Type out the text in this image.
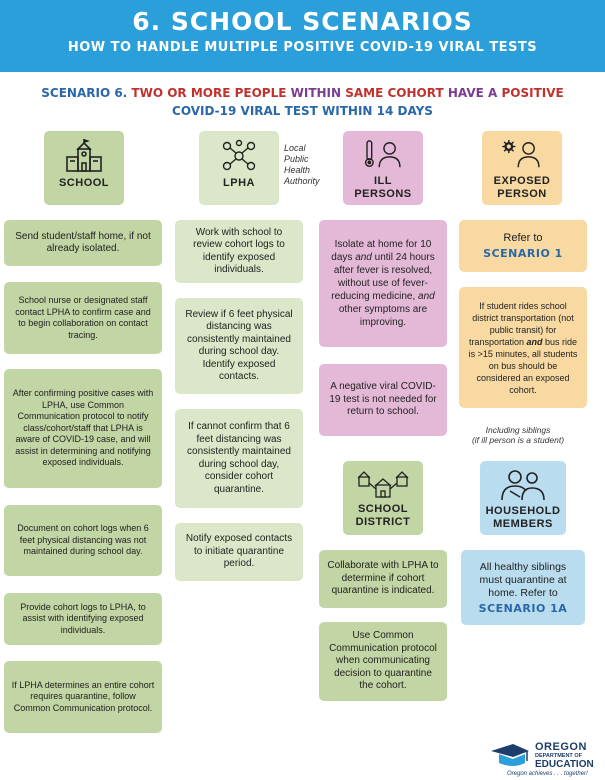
6. SCHOOL SCENARIOS
HOW TO HANDLE MULTIPLE POSITIVE COVID-19 VIRAL TESTS
SCENARIO 6. TWO OR MORE PEOPLE WITHIN SAME COHORT HAVE A POSITIVE COVID-19 VIRAL TEST WITHIN 14 DAYS
SCHOOL
Send student/staff home, if not already isolated.
School nurse or designated staff contact LPHA to confirm case and to begin collaboration on contact tracing.
After confirming positive cases with LPHA, use Common Communication protocol to notify class/cohort/staff that LPHA is aware of COVID-19 case, and will assist in determining and notifying exposed individuals.
Document on cohort logs when 6 feet physical distancing was not maintained during school day.
Provide cohort logs to LPHA, to assist with identifying exposed individuals.
If LPHA determines an entire cohort requires quarantine, follow Common Communication protocol.
LPHA
Local
Public
Health
Authority
Work with school to review cohort logs to identify exposed individuals.
Review if 6 feet physical distancing was consistently maintained during school day. Identify exposed contacts.
If cannot confirm that 6 feet distancing was consistently maintained during school day, consider cohort quarantine.
Notify exposed contacts to initiate quarantine period.
ILL
PERSONS
Isolate at home for 10 days and until 24 hours after fever is resolved, without use of fever-reducing medicine, and other symptoms are improving.
A negative viral COVID-19 test is not needed for return to school.
EXPOSED
PERSON
Refer to
SCENARIO 1
If student rides school district transportation (not public transit) for transportation and bus ride is >15 minutes, all students on bus should be considered an exposed cohort.
Including siblings
(if ill person is a student)
SCHOOL
DISTRICT
Collaborate with LPHA to determine if cohort quarantine is indicated.
Use Common Communication protocol when communicating decision to quarantine the cohort.
HOUSEHOLD
MEMBERS
All healthy siblings must quarantine at home. Refer to
SCENARIO 1A
OREGON
DEPARTMENT OF
EDUCATION
Oregon achieves . . . together!
